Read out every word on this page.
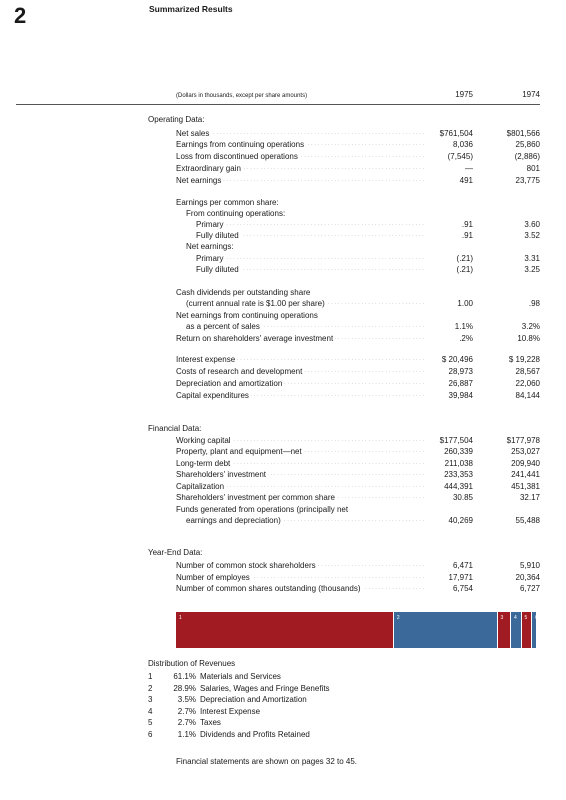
2	Summarized Results
(Dollars in thousands, except per share amounts)	1975	1974
Operating Data:
Financial Data:
Year-End Data:
Net sales . . .	$761,504	$801,566
Earnings from continuing operations . . .	8,036	25,860
Loss from discontinued operations . . .	(7,545)	(2,886)
Extraordinary gain . . .	—	801
Net earnings . . .	491	23,775
Earnings per common share:
From continuing operations:
Primary . . .	.91	3.60
Fully diluted . . .	.91	3.52
Net earnings:
Primary . . .	(.21)	3.31
Fully diluted . . .	(.21)	3.25
Cash dividends per outstanding share
(current annual rate is $1.00 per share) . . .	1.00	.98
Net earnings from continuing operations
as a percent of sales . . .	1.1%	3.2%
Return on shareholders' average investment . . .	.2%	10.8%
Interest expense . . .	$ 20,496	$ 19,228
Costs of research and development . . .	28,973	28,567
Depreciation and amortization . . .	26,887	22,060
Capital expenditures . . .	39,984	84,144
Working capital . . .	$177,504	$177,978
Property, plant and equipment—net . . .	260,339	253,027
Long-term debt . . .	211,038	209,940
Shareholders' investment . . .	233,353	241,441
Capitalization . . .	444,391	451,381
Shareholders' investment per common share . . .	30.85	32.17
Funds generated from operations (principally net
earnings and depreciation) . . .	40,269	55,488
Number of common stock shareholders . . .	6,471	5,910
Number of employes . . .	17,971	20,364
Number of common shares outstanding (thousands) . . .	6,754	6,727
1	2	3 4 5 6
Distribution of Revenues
1	61.1% Materials and Services
2	28.9% Salaries, Wages and Fringe Benefits
3	3.5% Depreciation and Amortization
4	2.7% Interest Expense
5	2.7% Taxes
6	1.1% Dividends and Profits Retained
Financial statements are shown on pages 32 to 45.
